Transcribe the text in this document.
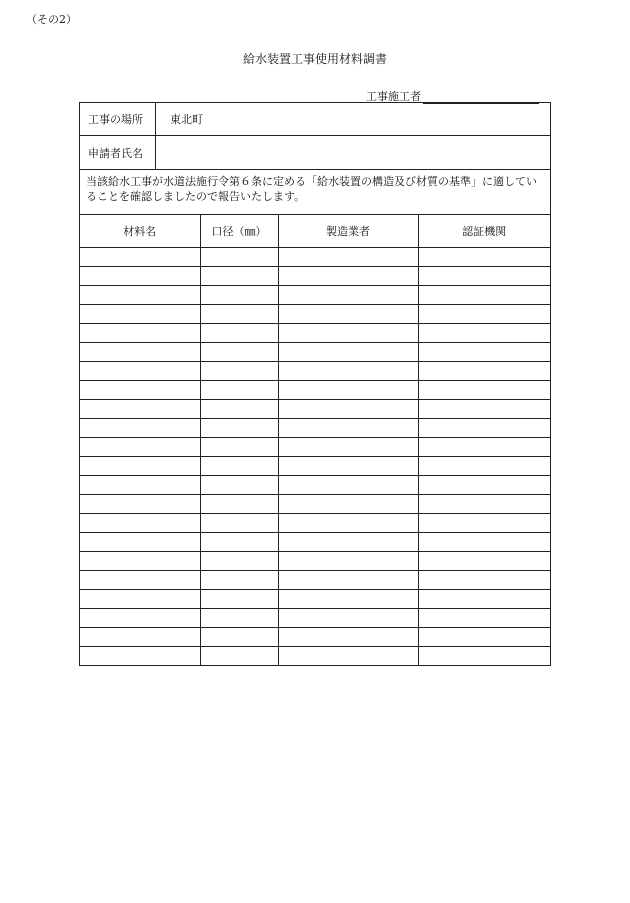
（その2）
給水装置工事使用材料調書
工事施工者
工事の場所	東北町
申請者氏名
当該給水工事が水道法施行令第６条に定める「給水装置の構造及び材質の基準」に適していることを確認しましたので報告いたします。
材料名	口径（㎜）	製造業者	認証機関
